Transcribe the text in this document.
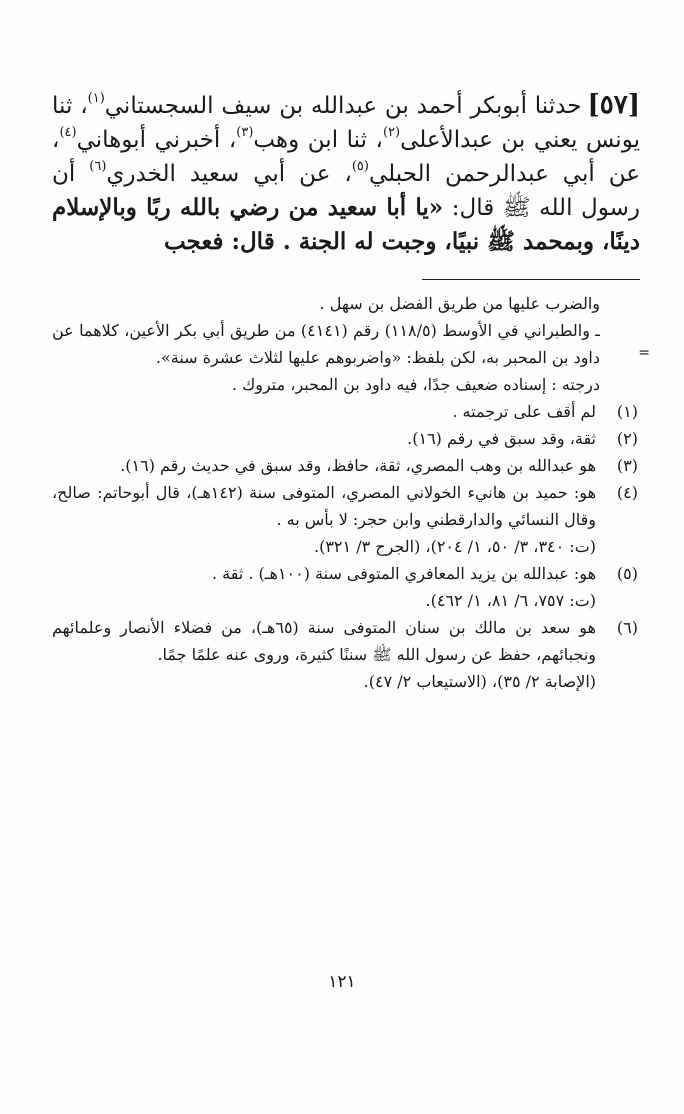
[٥٧]حدثنا أبوبكر أحمد بن عبدالله بن سيف السجستاني$^{(١)}$، ثنا يونس يعني بن عبدالأعلى$^{(٢)}$، ثنا ابن وهب$^{(٣)}$، أخبرني أبوهاني$^{(٤)}$، عن أبي عبدالرحمن الحبلي$^{(٥)}$، عن أبي سعيد الخدري$^{(٦)}$ أن رسول الله ﷺ قال: «يا أبا سعيد من رضي بالله ربًا وبالإسلام دينًا، وبمحمد ﷺ نبيًا، وجبت له الجنة . قال: فعجب

والضرب عليها من طريق الفضل بن سهل .
ـ والطبراني في الأوسط (١١٨/٥) رقم (٤١٤١) من طريق أبي بكر الأعين، كلاهما عن داود بن المحبر به، لكن بلفظ: «واضربوهم عليها لثلاث عشرة سنة».
درجته : إسناده ضعيف جدًا، فيه داود بن المحبر، متروك .
(١)
لم أقف على ترجمته .
(٢)
ثقة، وقد سبق في رقم (١٦).
(٣)
هو عبدالله بن وهب المصري، ثقة، حافظ، وقد سبق في حديث رقم (١٦).
(٤)
هو: حميد بن هانيء الخولاني المصري، المتوفى سنة (١٤٢هـ)، قال أبوحاتم: صالح، وقال النسائي والدارقطني وابن حجر: لا بأس به .
(ت: ٣٤٠، ٣/ ٥٠، ١/ ٢٠٤)، (الجرح ٣/ ٣٢١).
(٥)
هو: عبدالله بن يزيد المعافري المتوفى سنة (١٠٠هـ) . ثقة .
(ت: ٧٥٧، ٦/ ٨١، ١/ ٤٦٢).
(٦)
هو سعد بن مالك بن سنان المتوفى سنة (٦٥هـ)، من فضلاء الأنصار وعلمائهم ونجبائهم، حفظ عن رسول الله ﷺ سننًا كثيرة، وروى عنه علمًا جمًا.
(الإصابة ٢/ ٣٥)، (الاستيعاب ٢/ ٤٧).
=
١٢١
